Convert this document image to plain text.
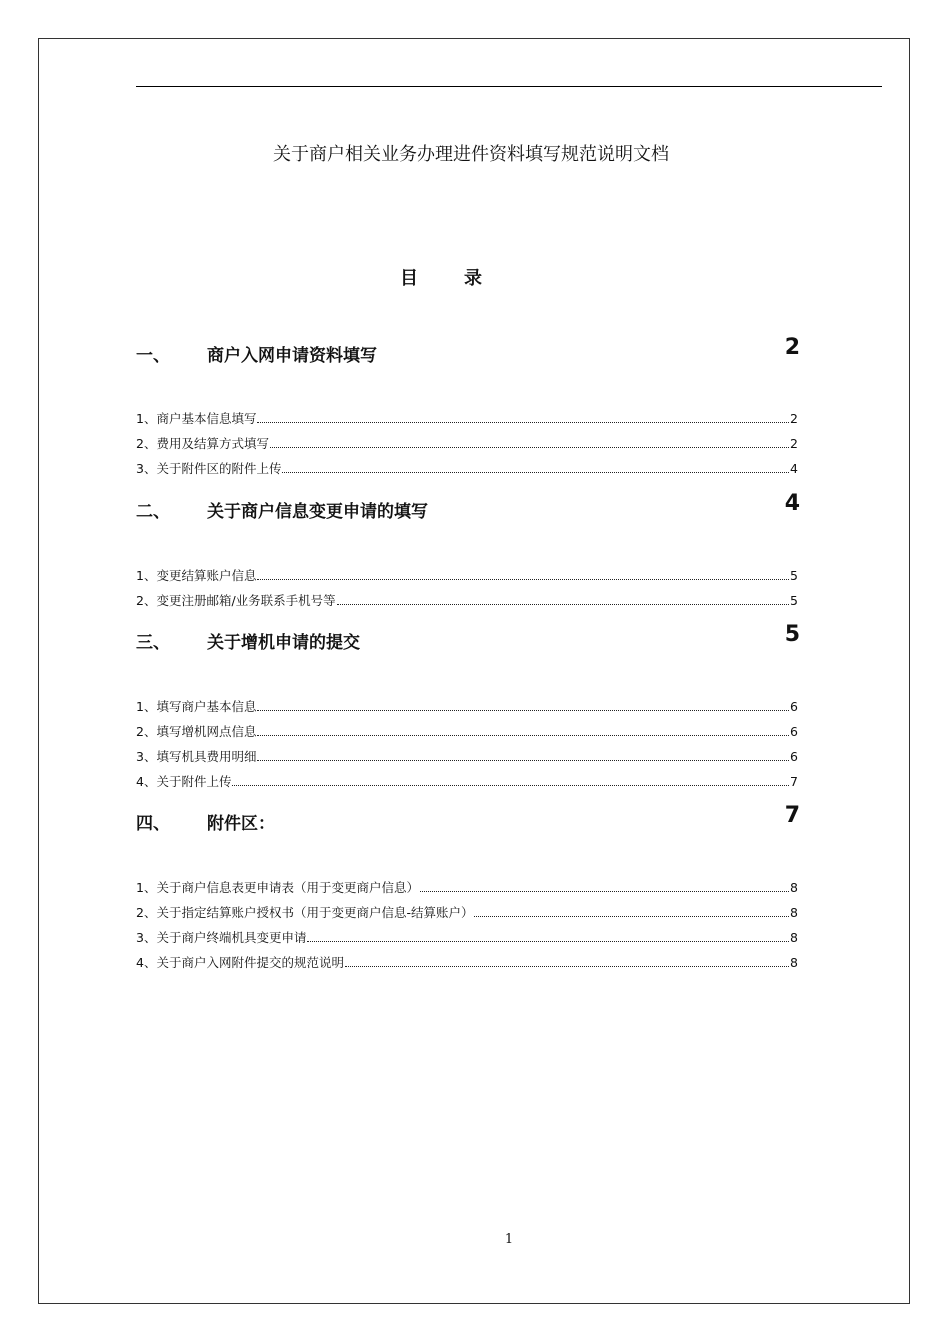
关于商户相关业务办理进件资料填写规范说明文档
目录
一、 商户入网申请资料填写	2
1、商户基本信息填写	2
2、费用及结算方式填写	2
3、关于附件区的附件上传	4
二、 关于商户信息变更申请的填写	4
1、变更结算账户信息	5
2、变更注册邮箱/业务联系手机号等	5
三、 关于增机申请的提交	5
1、填写商户基本信息	6
2、填写增机网点信息	6
3、填写机具费用明细	6
4、关于附件上传	7
四、 附件区：	7
1、关于商户信息表更申请表（用于变更商户信息）	8
2、关于指定结算账户授权书（用于变更商户信息-结算账户）	8
3、关于商户终端机具变更申请	8
4、关于商户入网附件提交的规范说明	8
1
